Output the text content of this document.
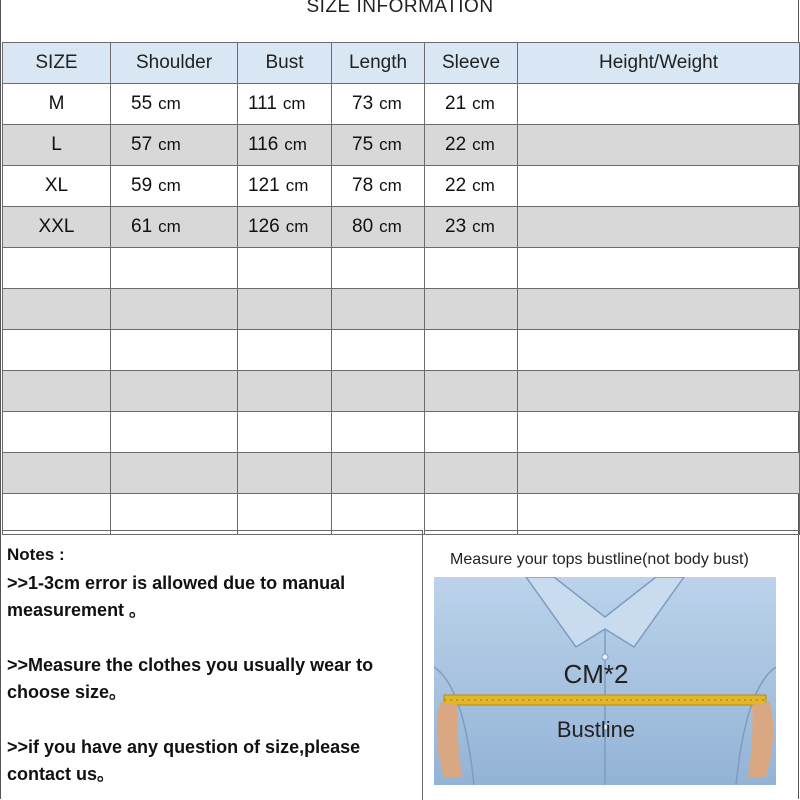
SIZE INFORMATION
SIZE	Shoulder	Bust	Length	Sleeve	Height/Weight
M	55 cm	111 cm	73 cm	21 cm	
L	57 cm	116 cm	75 cm	22 cm	
XL	59 cm	121 cm	78 cm	22 cm	
XXL	61 cm	126 cm	80 cm	23 cm	

Notes :

>>1-3cm error is allowed due to manual

measurement 。

>>Measure the clothes you usually wear to

choose size。

>>if you have any question of size,please

contact us。

Measure your tops bustline(not body bust)
CM*2
Bustline
